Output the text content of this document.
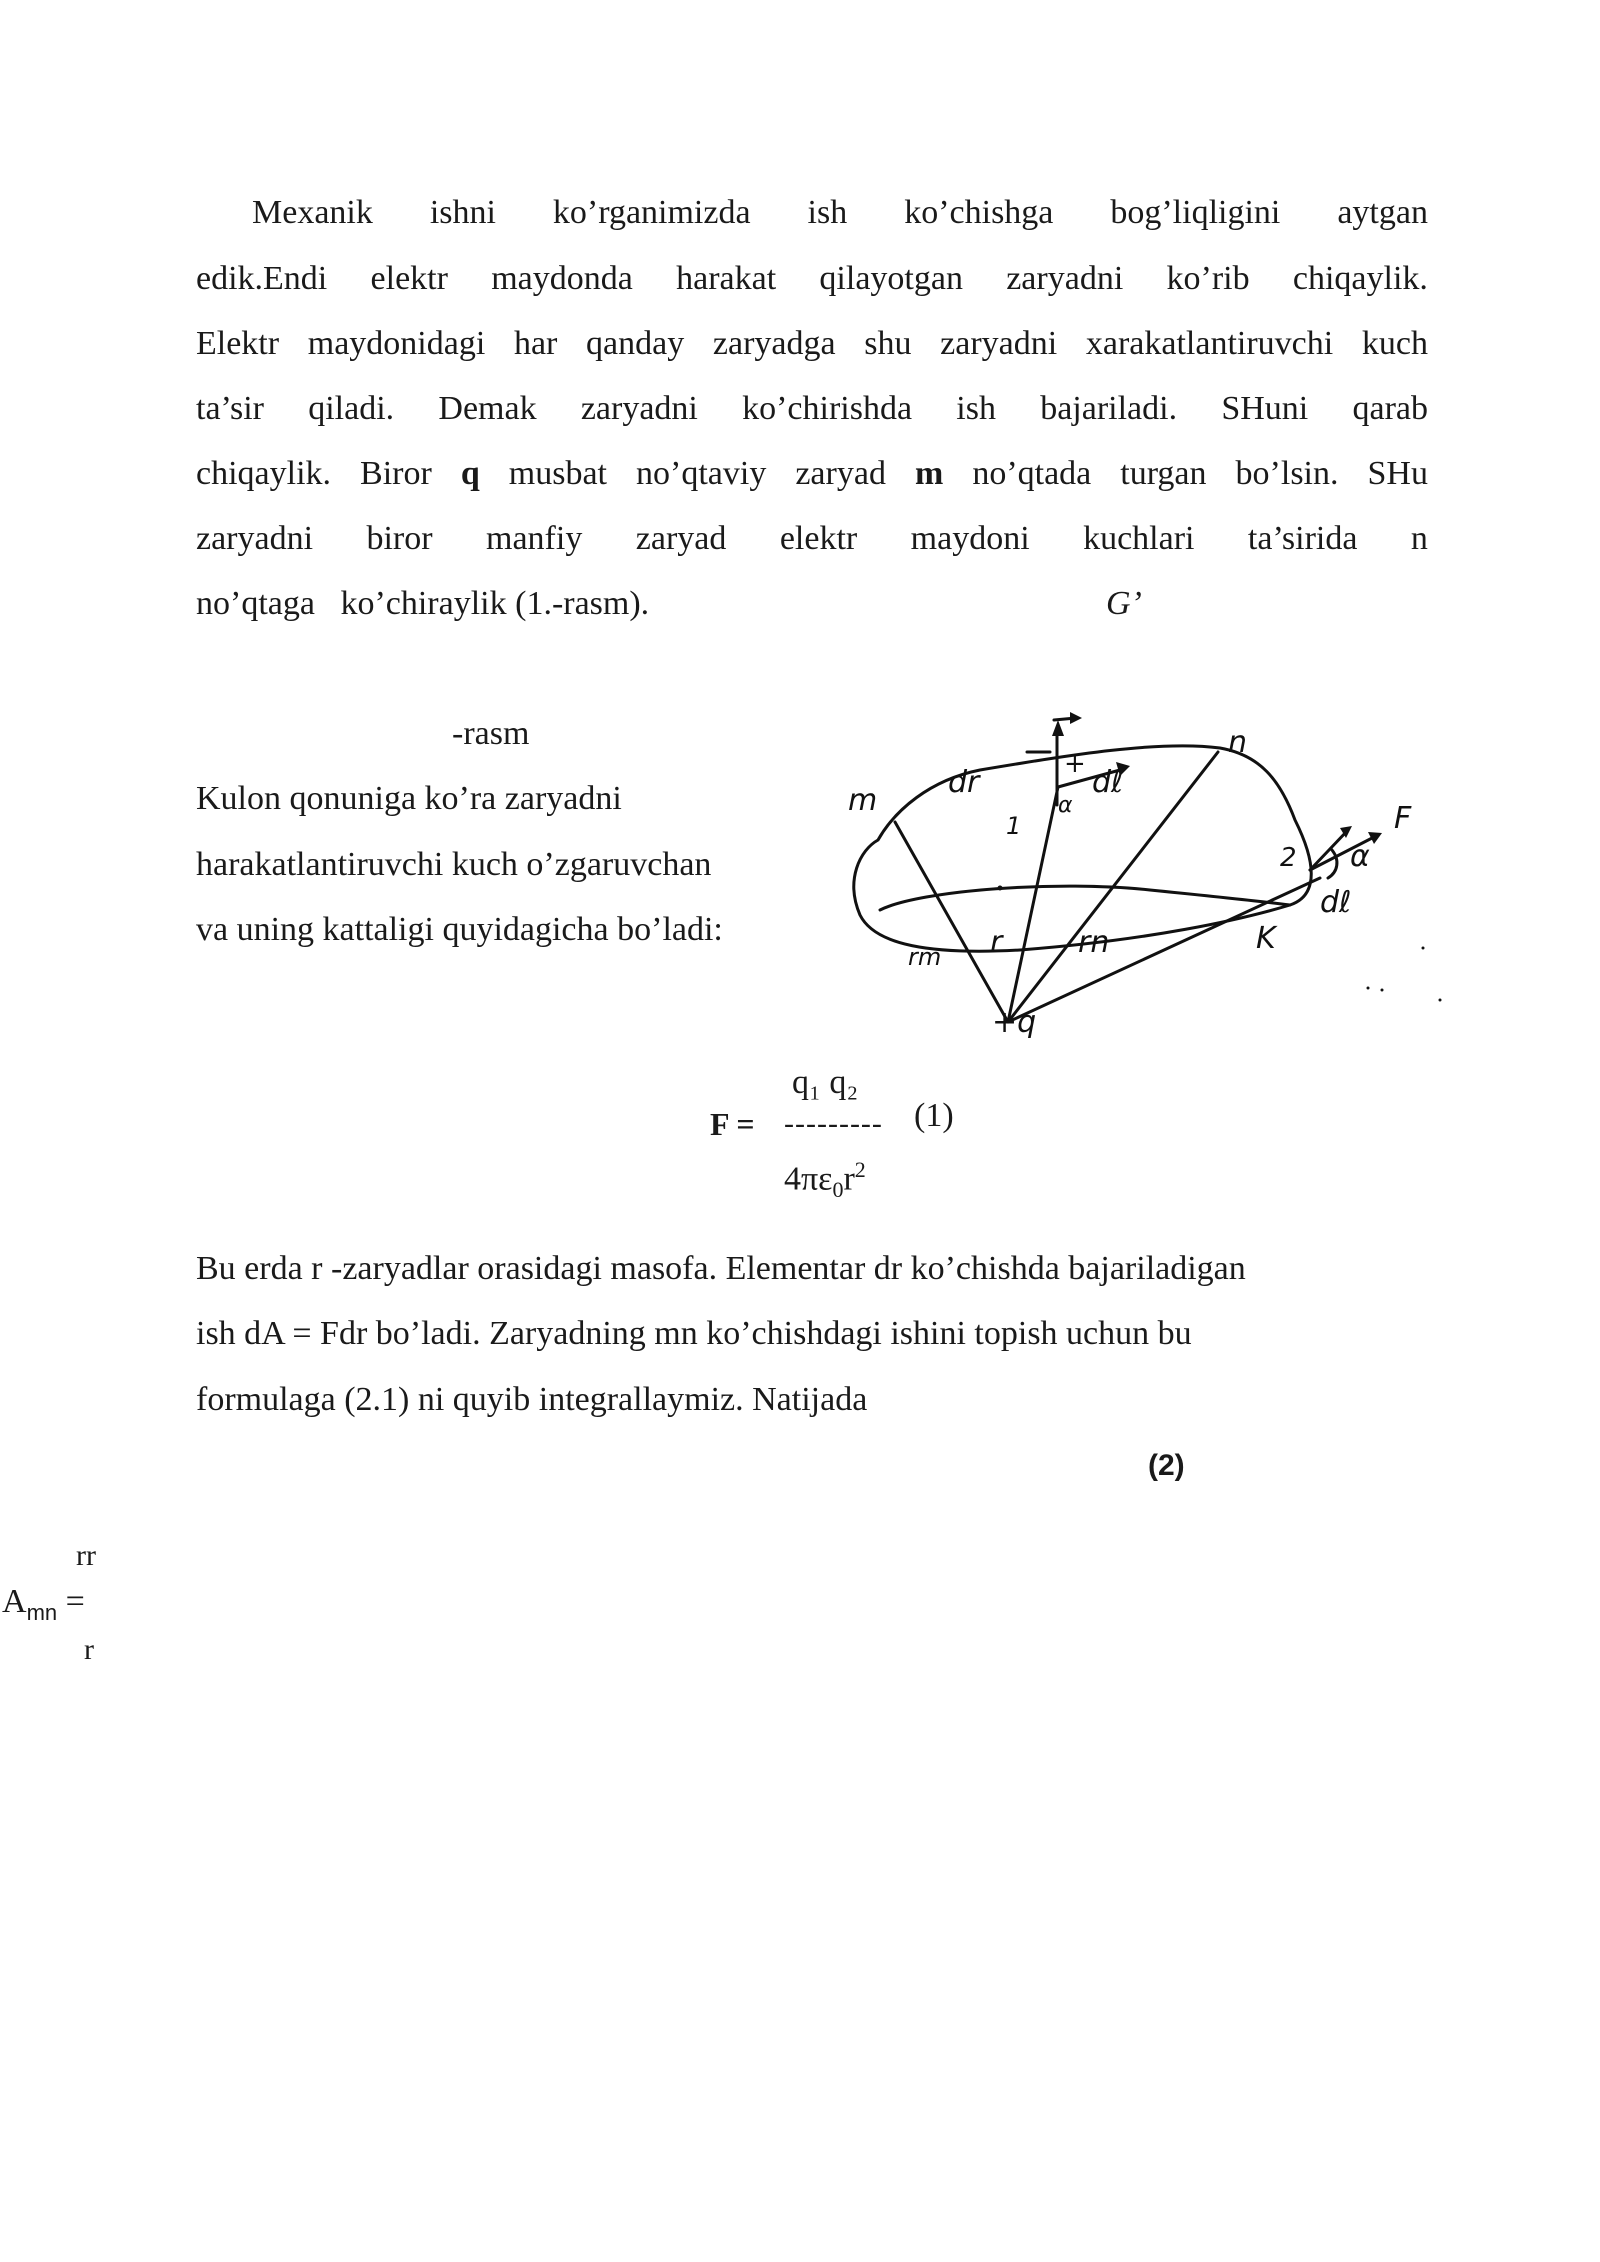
Mexanik ishni ko’rganimizda ish ko’chishga bog’liqligini aytgan
edik.Endi elektr maydonda harakat qilayotgan zaryadni ko’rib chiqaylik.
Elektr maydonidagi har qanday zaryadga shu zaryadni xarakatlantiruvchi kuch
ta’sir qiladi. Demak zaryadni ko’chirishda ish bajariladi. SHuni qarab
chiqaylik. Biror q musbat no’qtaviy zaryad m no’qtada turgan bo’lsin. SHu
zaryadni biror manfiy zaryad elektr maydoni kuchlari ta’sirida n
no’qtaga   ko’chiraylik (1.-rasm).	G’
-rasm
Kulon qonuniga ko’ra zaryadni
harakatlantiruvchi kuch o’zgaruvchan
va uning kattaligi quyidagicha bo’ladi:
m
n
K
+q
r
rm	rn
dr	dℓ
dℓ
F
α
α
1
2
+
q₁ q₂
F = --------- (1)
$4\pi\varepsilon_0r^2$
Bu erda r -zaryadlar orasidagi masofa. Elementar dr ko’chishda bajariladigan
ish dA = Fdr bo’ladi. Zaryadning mn ko’chishdagi ishini topish uchun bu
formulaga (2.1) ni quyib integrallaymiz. Natijada
(2)
rr
$A_{mn}$ =
r
